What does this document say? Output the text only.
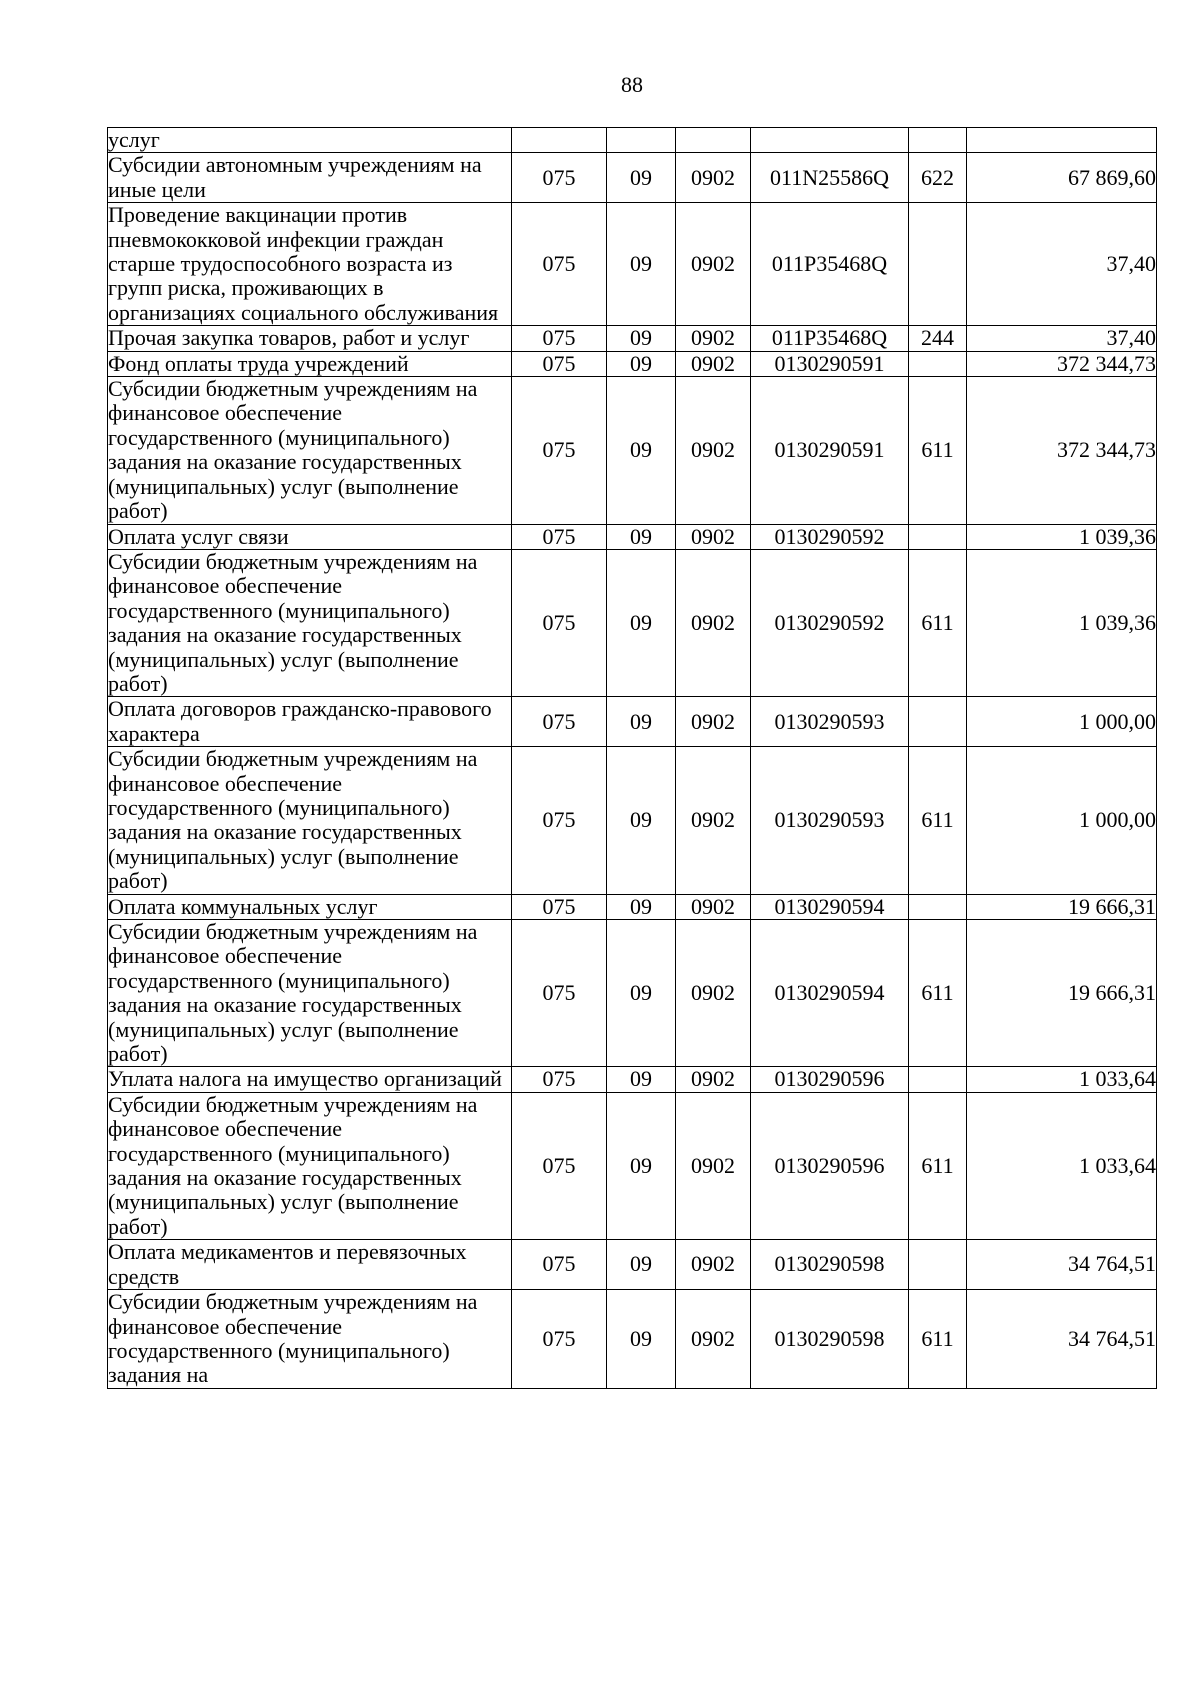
88
услуг						
Субсидии автономным учреждениям на иные цели	075	09	0902	011N25586Q	622	67 869,60
Проведение вакцинации против пневмококковой инфекции граждан старше трудоспособного возраста из групп риска, проживающих в организациях социального обслуживания	075	09	0902	011P35468Q		37,40
Прочая закупка товаров, работ и услуг	075	09	0902	011P35468Q	244	37,40
Фонд оплаты труда учреждений	075	09	0902	0130290591		372 344,73
Субсидии бюджетным учреждениям на финансовое обеспечение государственного (муниципального) задания на оказание государственных (муниципальных) услуг (выполнение работ)	075	09	0902	0130290591	611	372 344,73
Оплата услуг связи	075	09	0902	0130290592		1 039,36
Субсидии бюджетным учреждениям на финансовое обеспечение государственного (муниципального) задания на оказание государственных (муниципальных) услуг (выполнение работ)	075	09	0902	0130290592	611	1 039,36
Оплата договоров гражданско-правового характера	075	09	0902	0130290593		1 000,00
Субсидии бюджетным учреждениям на финансовое обеспечение государственного (муниципального) задания на оказание государственных (муниципальных) услуг (выполнение работ)	075	09	0902	0130290593	611	1 000,00
Оплата коммунальных услуг	075	09	0902	0130290594		19 666,31
Субсидии бюджетным учреждениям на финансовое обеспечение государственного (муниципального) задания на оказание государственных (муниципальных) услуг (выполнение работ)	075	09	0902	0130290594	611	19 666,31
Уплата налога на имущество организаций	075	09	0902	0130290596		1 033,64
Субсидии бюджетным учреждениям на финансовое обеспечение государственного (муниципального) задания на оказание государственных (муниципальных) услуг (выполнение работ)	075	09	0902	0130290596	611	1 033,64
Оплата медикаментов и перевязочных средств	075	09	0902	0130290598		34 764,51
Субсидии бюджетным учреждениям на финансовое обеспечение государственного (муниципального) задания на	075	09	0902	0130290598	611	34 764,51
